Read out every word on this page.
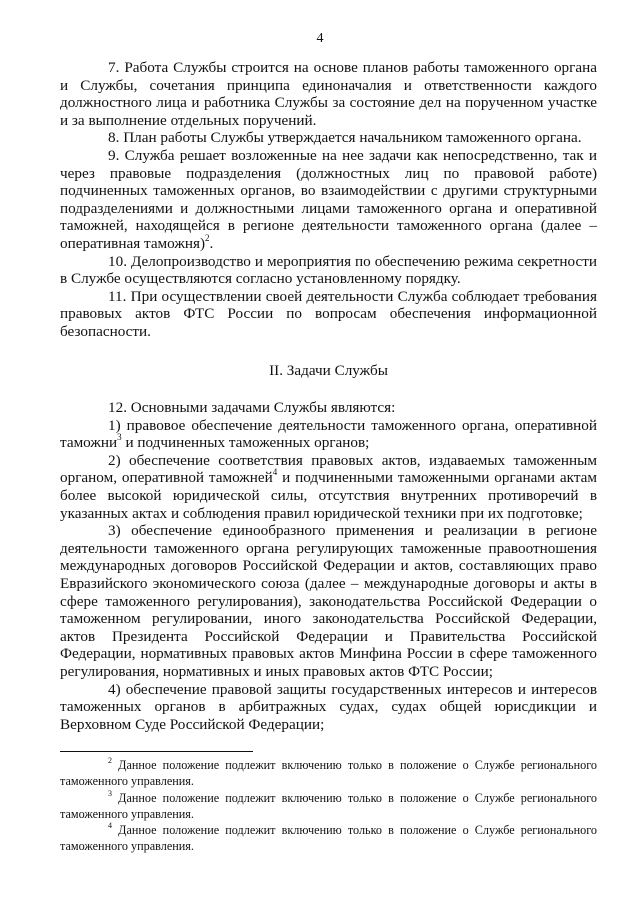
4

7. Работа Службы строится на основе планов работы таможенного органа и Службы, сочетания принципа единоначалия и ответственности каждого должностного лица и работника Службы за состояние дел на порученном участке и за выполнение отдельных поручений.

8. План работы Службы утверждается начальником таможенного органа.

9. Служба решает возложенные на нее задачи как непосредственно, так и через правовые подразделения (должностных лиц по правовой работе) подчиненных таможенных органов, во взаимодействии с другими структурными подразделениями и должностными лицами таможенного органа и оперативной таможней, находящейся в регионе деятельности таможенного органа (далее – оперативная таможня)$^2$.

10. Делопроизводство и мероприятия по обеспечению режима секретности в Службе осуществляются согласно установленному порядку.

11. При осуществлении своей деятельности Служба соблюдает требования правовых актов ФТС России по вопросам обеспечения информационной безопасности.

II. Задачи Службы

12. Основными задачами Службы являются:

1) правовое обеспечение деятельности таможенного органа, оперативной таможни$^3$ и подчиненных таможенных органов;

2) обеспечение соответствия правовых актов, издаваемых таможенным органом, оперативной таможней$^4$ и подчиненными таможенными органами актам более высокой юридической силы, отсутствия внутренних противоречий в указанных актах и соблюдения правил юридической техники при их подготовке;

3) обеспечение единообразного применения и реализации в регионе деятельности таможенного органа регулирующих таможенные правоотношения международных договоров Российской Федерации и актов, составляющих право Евразийского экономического союза (далее – международные договоры и акты в сфере таможенного регулирования), законодательства Российской Федерации о таможенном регулировании, иного законодательства Российской Федерации, актов Президента Российской Федерации и Правительства Российской Федерации, нормативных правовых актов Минфина России в сфере таможенного регулирования, нормативных и иных правовых актов ФТС России;

4) обеспечение правовой защиты государственных интересов и интересов таможенных органов в арбитражных судах, судах общей юрисдикции и Верховном Суде Российской Федерации;

$^2$ Данное положение подлежит включению только в положение о Службе регионального таможенного управления.

$^3$ Данное положение подлежит включению только в положение о Службе регионального таможенного управления.

$^4$ Данное положение подлежит включению только в положение о Службе регионального таможенного управления.
